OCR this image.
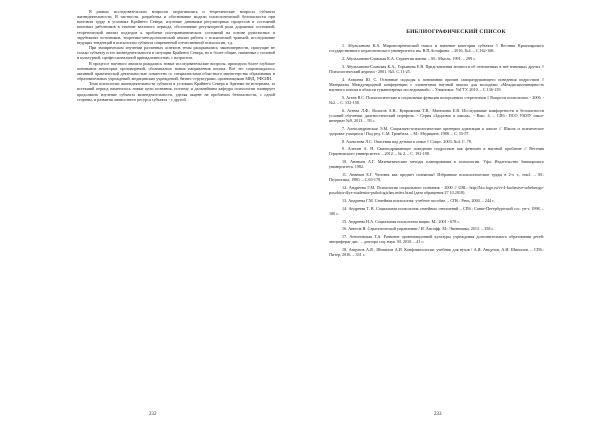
В рамках исследовательских вопросов затрагивались и теоретические вопросы субъекта жизнедеятельности. В частности, разработка и обоснование модели психологической безопасности при вахтовом труде в условиях Крайнего Севера, изучение динамики регуляторных процессов и состояний вахтовых работников в течение вахтового периода, обоснование регуляторной роли дорожных состояний; теоретический анализ подходов к проблеме посттравматических состояний на основе рукописных и зарубежных источников, теоретико-методологический анализ работы с психической травмой; исследование ведущих тенденций в психологии субъекта современной отечественной психологии, т.д.

При эмпирическом изучении различных аспектов темы раскрывались закономерности, присущие не только субъекту и его жизнедеятельности в ситуации Крайнего Севера, но и более общие, связанные с половой и культурной, профессиональной принадлежностью, с возрастом.

В процессе научного анализа рождались новые исследовательские вопросы, приходило более глубокое понимание некоторых противоречий, обозначались новые направления поиска. Всё это сопровождалось активной практической деятельностью совместно со специалистами областного министерства образования и образовательных учреждений, медицинских учреждений, бизнес-структурами, организациями МВД, УФСИН.

Тема психологии жизнедеятельности субъекта в условиях Крайнего Севера и Арктике не исчерпана, за истекший период наметилось новые цели познания, поэтому и дальнейшим кафедра психологии планирует продолжить изучение субъекта жизнедеятельности, уделяя акцент на проблемах безопасности, с одной стороны, и развития личностного ресурса субъекта - с другой.

232
БИБЛИОГРАФИЧЕСКИЙ СПИСОК
1. Абульханова К.А. Мировоззренческий смысл и значение категории субъекта // Вестник Красноярского государственного педагогического университета им. В.П.Астафьева. – 2016, №4. – С.162-168.
2. Абульханова-Славская К.А. Стратегия жизни. – М.: Мысль, 1991. – 299 с.
3. Абульханова-Славская К.А., Горьянова Е.В. Представления личности об отношениях в неё значимых других // Психологический журнал - 2001. №5. С.11-25.
4. Агашева Ю. С. Основные подходы к понимании причин саморазрушающего поведения подростков // Материалы Международной конференции с элементами научной школы для молодёжи «Междисциплинарность научного поиска в области гуманитарных исследований». – Ульяновск: УлГТУ, 2010. – С.136-139.
5. Агеев В.С. Психологические и социальные функции полоролевых стереотипов // Вопросы психологии. - 2006. - №2. – С. 152-158.
6. Агеева Л.Ф., Вольтов А.В., Куприянова Т.В., Матюхина Е.В. Исследование комфортности и безопасности условий обучения: диагностический портфель. - Серия «Здоровье и школа». - Вып. 4. – СПб.: ПСО УЮЗУ школ-интернат №9, 2013. – 93 с.
7. Александровская Э.М. Социально-психологические критерии адаптации к школе // Школа и психическое здоровье учащихся / Под ред. С.М. Громбаха. – М.: Медицина, 1988. – С. 55-57.
8. Алексеева Л.С. Опасения над детьми в семье // Социс. 2003. №4. С. 78.
9. Алехин А. Н. Самоподрывающее поведение подростков как феномен в научной проблеме // Вестник Герценовского университета. – 2012. – № 2. – С. 191-198.
10. Ананьев А.Г. Математические методы планирования в психологии. Уфа: Издательство башкирского университета, 1982.
11. Ананьев Б.Г. Человек как предмет познания// Избранные психологические труды в 2-х т., том1. – М.: Педагогика, 1980. – С.65-178.
12. Андреева Г.М. Психология социального познания - 2000 // URL: http://bio.logo.ru/vt-4-kachestve-uchebnogo-posobiya-dlya-studentov-psihologiches.index.html (дата обращения 27.10.2018).
13. Андреева Г.М. Семейная психология: учебное пособие. – СПб.: Речь, 2004. – 244 с.
14. Андреева Т. В. Социальная психология семейных отношений – СПб.: Санкт-Петербургский гос. ун-т, 1998. – 100 с.
15. Андреева Н.А. Социальная психологии нации. М.: 2001 - 678 с.
16. Анисов И. Стратегический управлении / И. Ансофф. М.: Экономика, 2013. – 358 с.
17. Антоновская Т.А. Развитие организационной культуры учреждения дополнительного образования детей: автореферат дис. ... доктора соц. наук. М. 2010. – 41 с.
18. Анцупов А.Я., Шипилов А.И. Конфликтология: учебник для вузов / А.Я. Анцупов, А.И. Шипилов. – СПб.: Питер, 2016. – 331 с.
233
